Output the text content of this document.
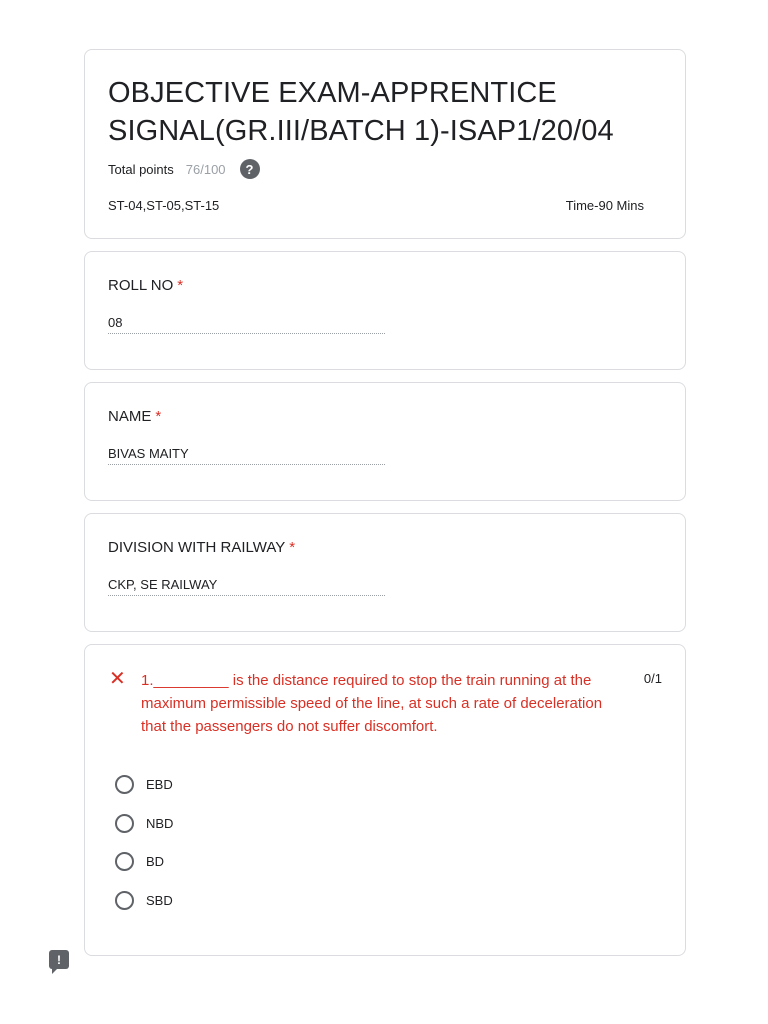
OBJECTIVE EXAM-APPRENTICE SIGNAL(GR.III/BATCH 1)-ISAP1/20/04
Total points 76/100	?
ST-04,ST-05,ST-15	Time-90 Mins
ROLL NO *
08
NAME *
BIVAS MAITY
DIVISION WITH RAILWAY *
CKP, SE RAILWAY
✕ 1._________ is the distance required to stop the train running at the maximum permissible speed of the line, at such a rate of deceleration that the passengers do not suffer discomfort.
0/1
EBD
NBD
BD
SBD
!
